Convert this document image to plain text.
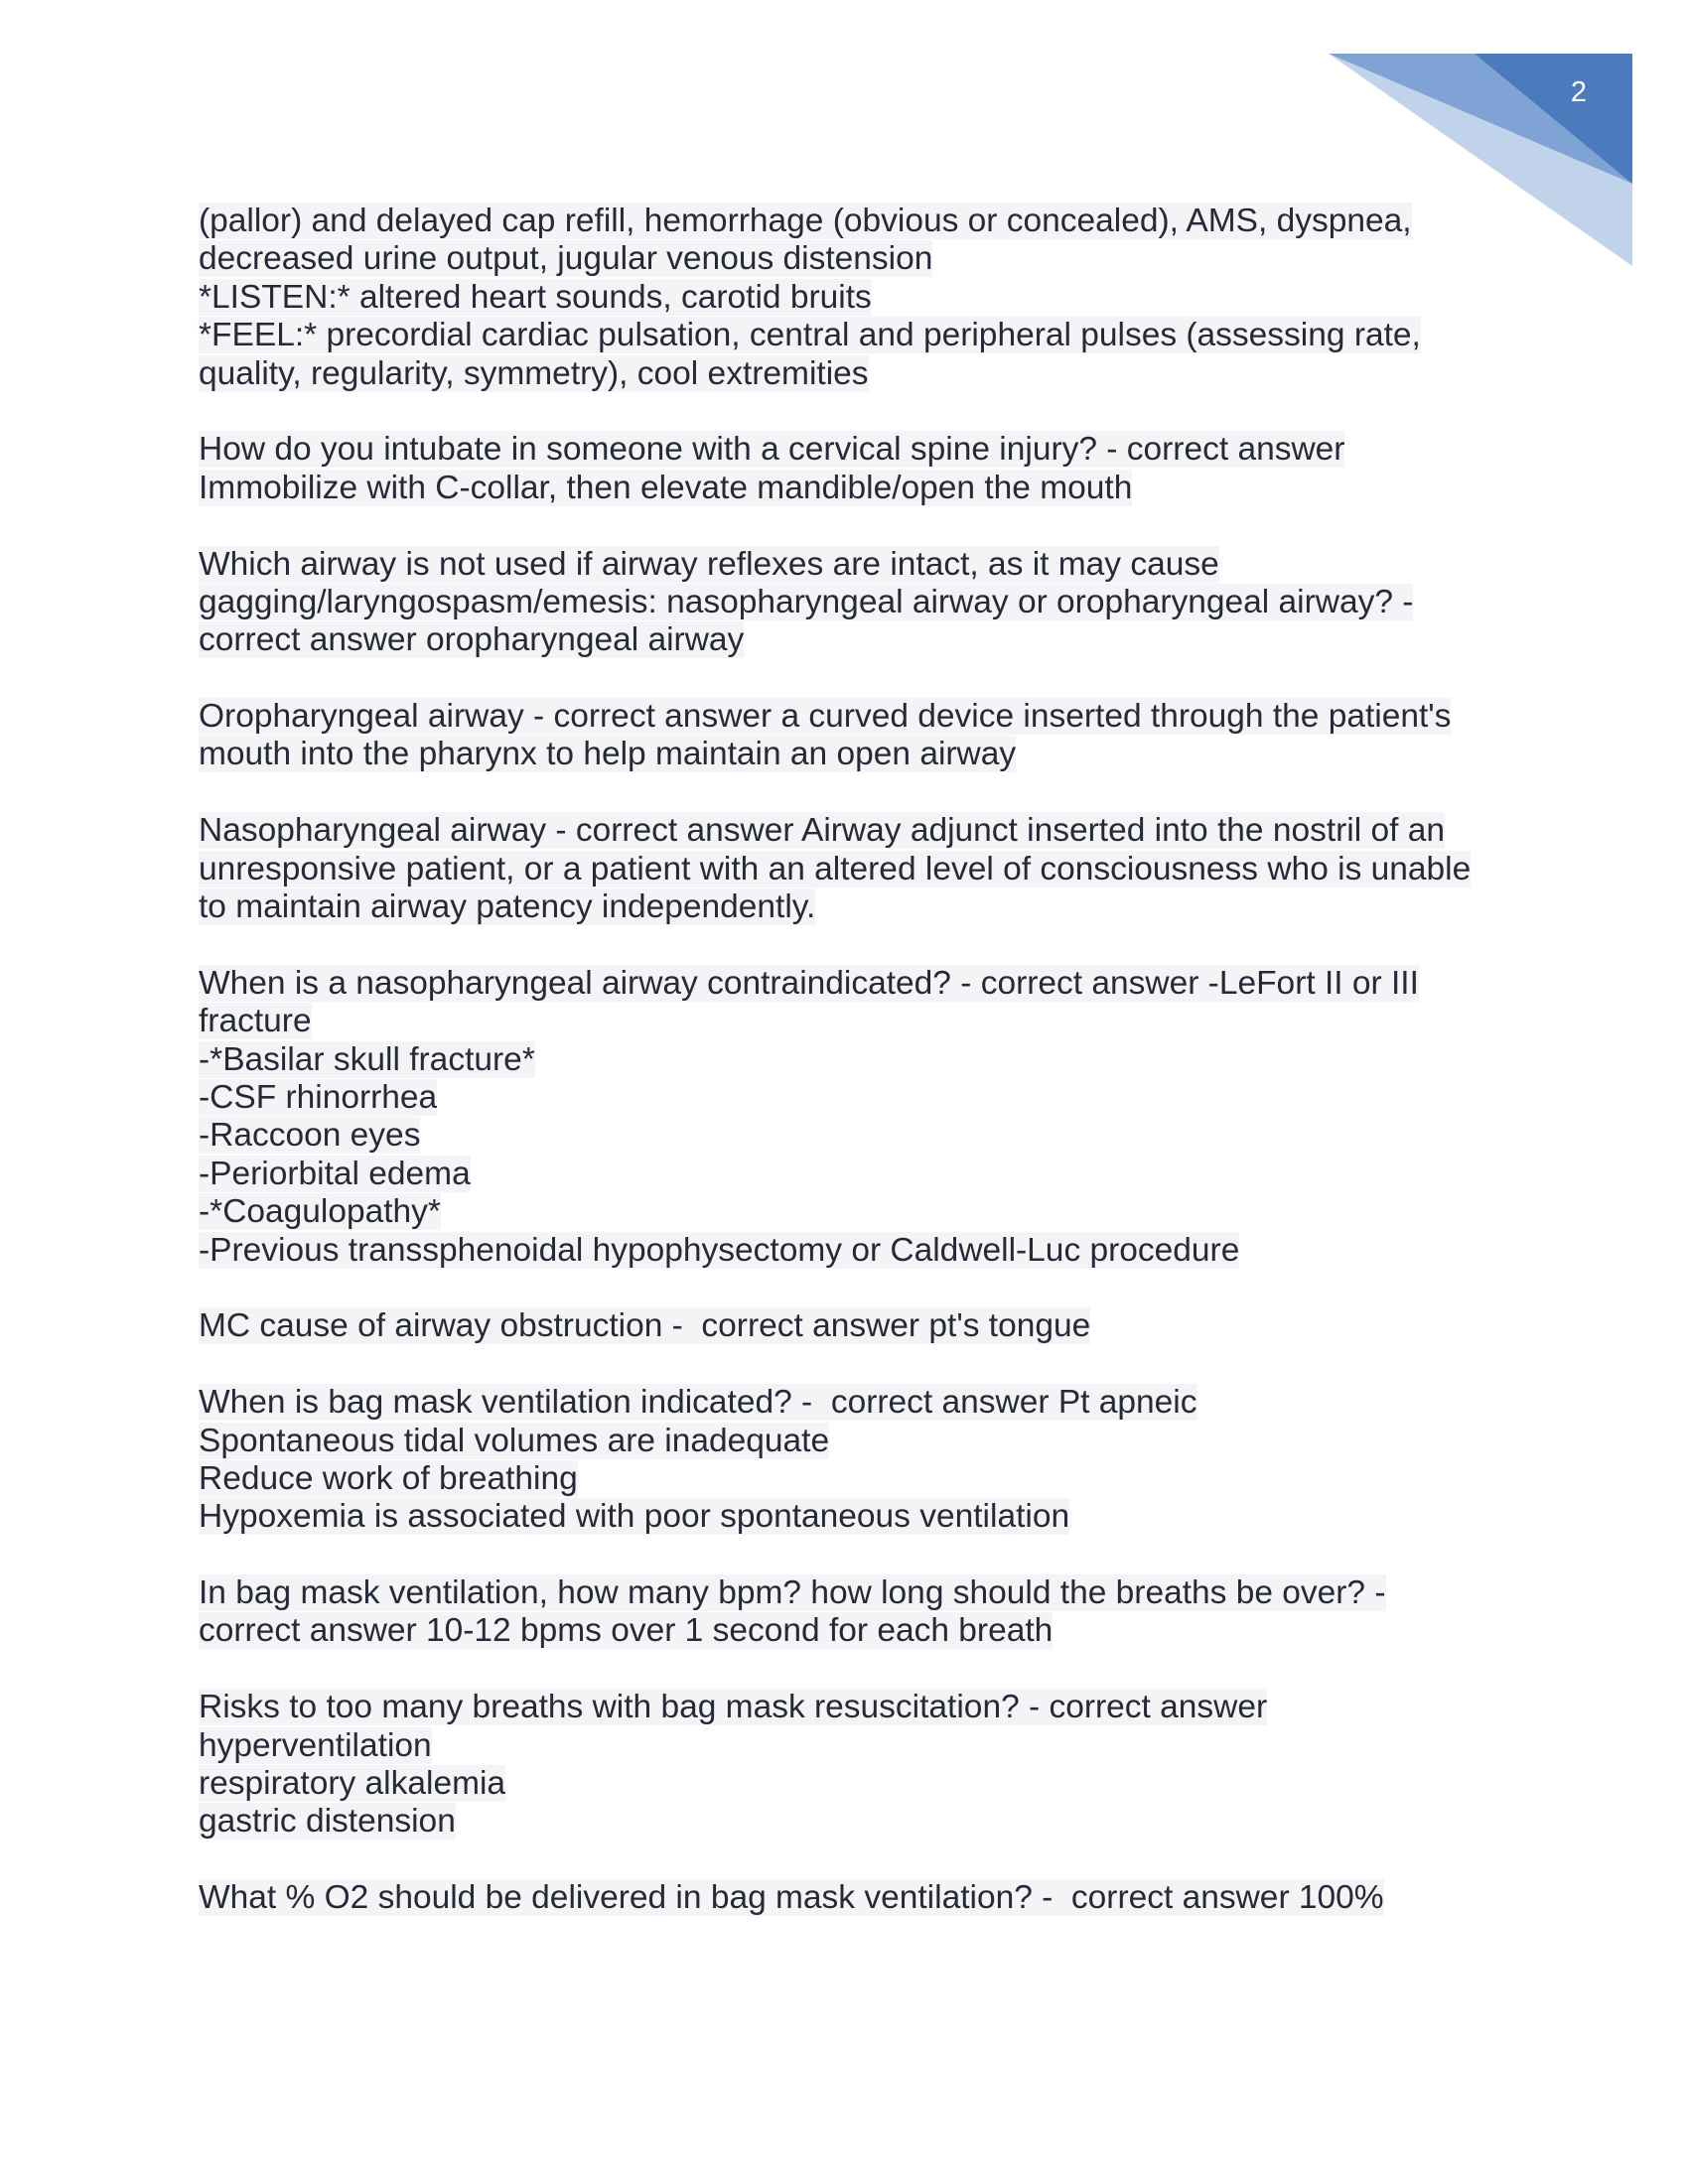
2
(pallor) and delayed cap refill, hemorrhage (obvious or concealed), AMS, dyspnea,
decreased urine output, jugular venous distension
*LISTEN:* altered heart sounds, carotid bruits
*FEEL:* precordial cardiac pulsation, central and peripheral pulses (assessing rate,
quality, regularity, symmetry), cool extremities
How do you intubate in someone with a cervical spine injury? - correct answer
Immobilize with C-collar, then elevate mandible/open the mouth
Which airway is not used if airway reflexes are intact, as it may cause
gagging/laryngospasm/emesis: nasopharyngeal airway or oropharyngeal airway? -
correct answer oropharyngeal airway
Oropharyngeal airway - correct answer a curved device inserted through the patient's
mouth into the pharynx to help maintain an open airway
Nasopharyngeal airway - correct answer Airway adjunct inserted into the nostril of an
unresponsive patient, or a patient with an altered level of consciousness who is unable
to maintain airway patency independently.
When is a nasopharyngeal airway contraindicated? - correct answer -LeFort II or III
fracture
-*Basilar skull fracture*
-CSF rhinorrhea
-Raccoon eyes
-Periorbital edema
-*Coagulopathy*
-Previous transsphenoidal hypophysectomy or Caldwell-Luc procedure
MC cause of airway obstruction -  correct answer pt's tongue
When is bag mask ventilation indicated? -  correct answer Pt apneic
Spontaneous tidal volumes are inadequate
Reduce work of breathing
Hypoxemia is associated with poor spontaneous ventilation
In bag mask ventilation, how many bpm? how long should the breaths be over? -
correct answer 10-12 bpms over 1 second for each breath
Risks to too many breaths with bag mask resuscitation? - correct answer
hyperventilation
respiratory alkalemia
gastric distension
What % O2 should be delivered in bag mask ventilation? -  correct answer 100%
